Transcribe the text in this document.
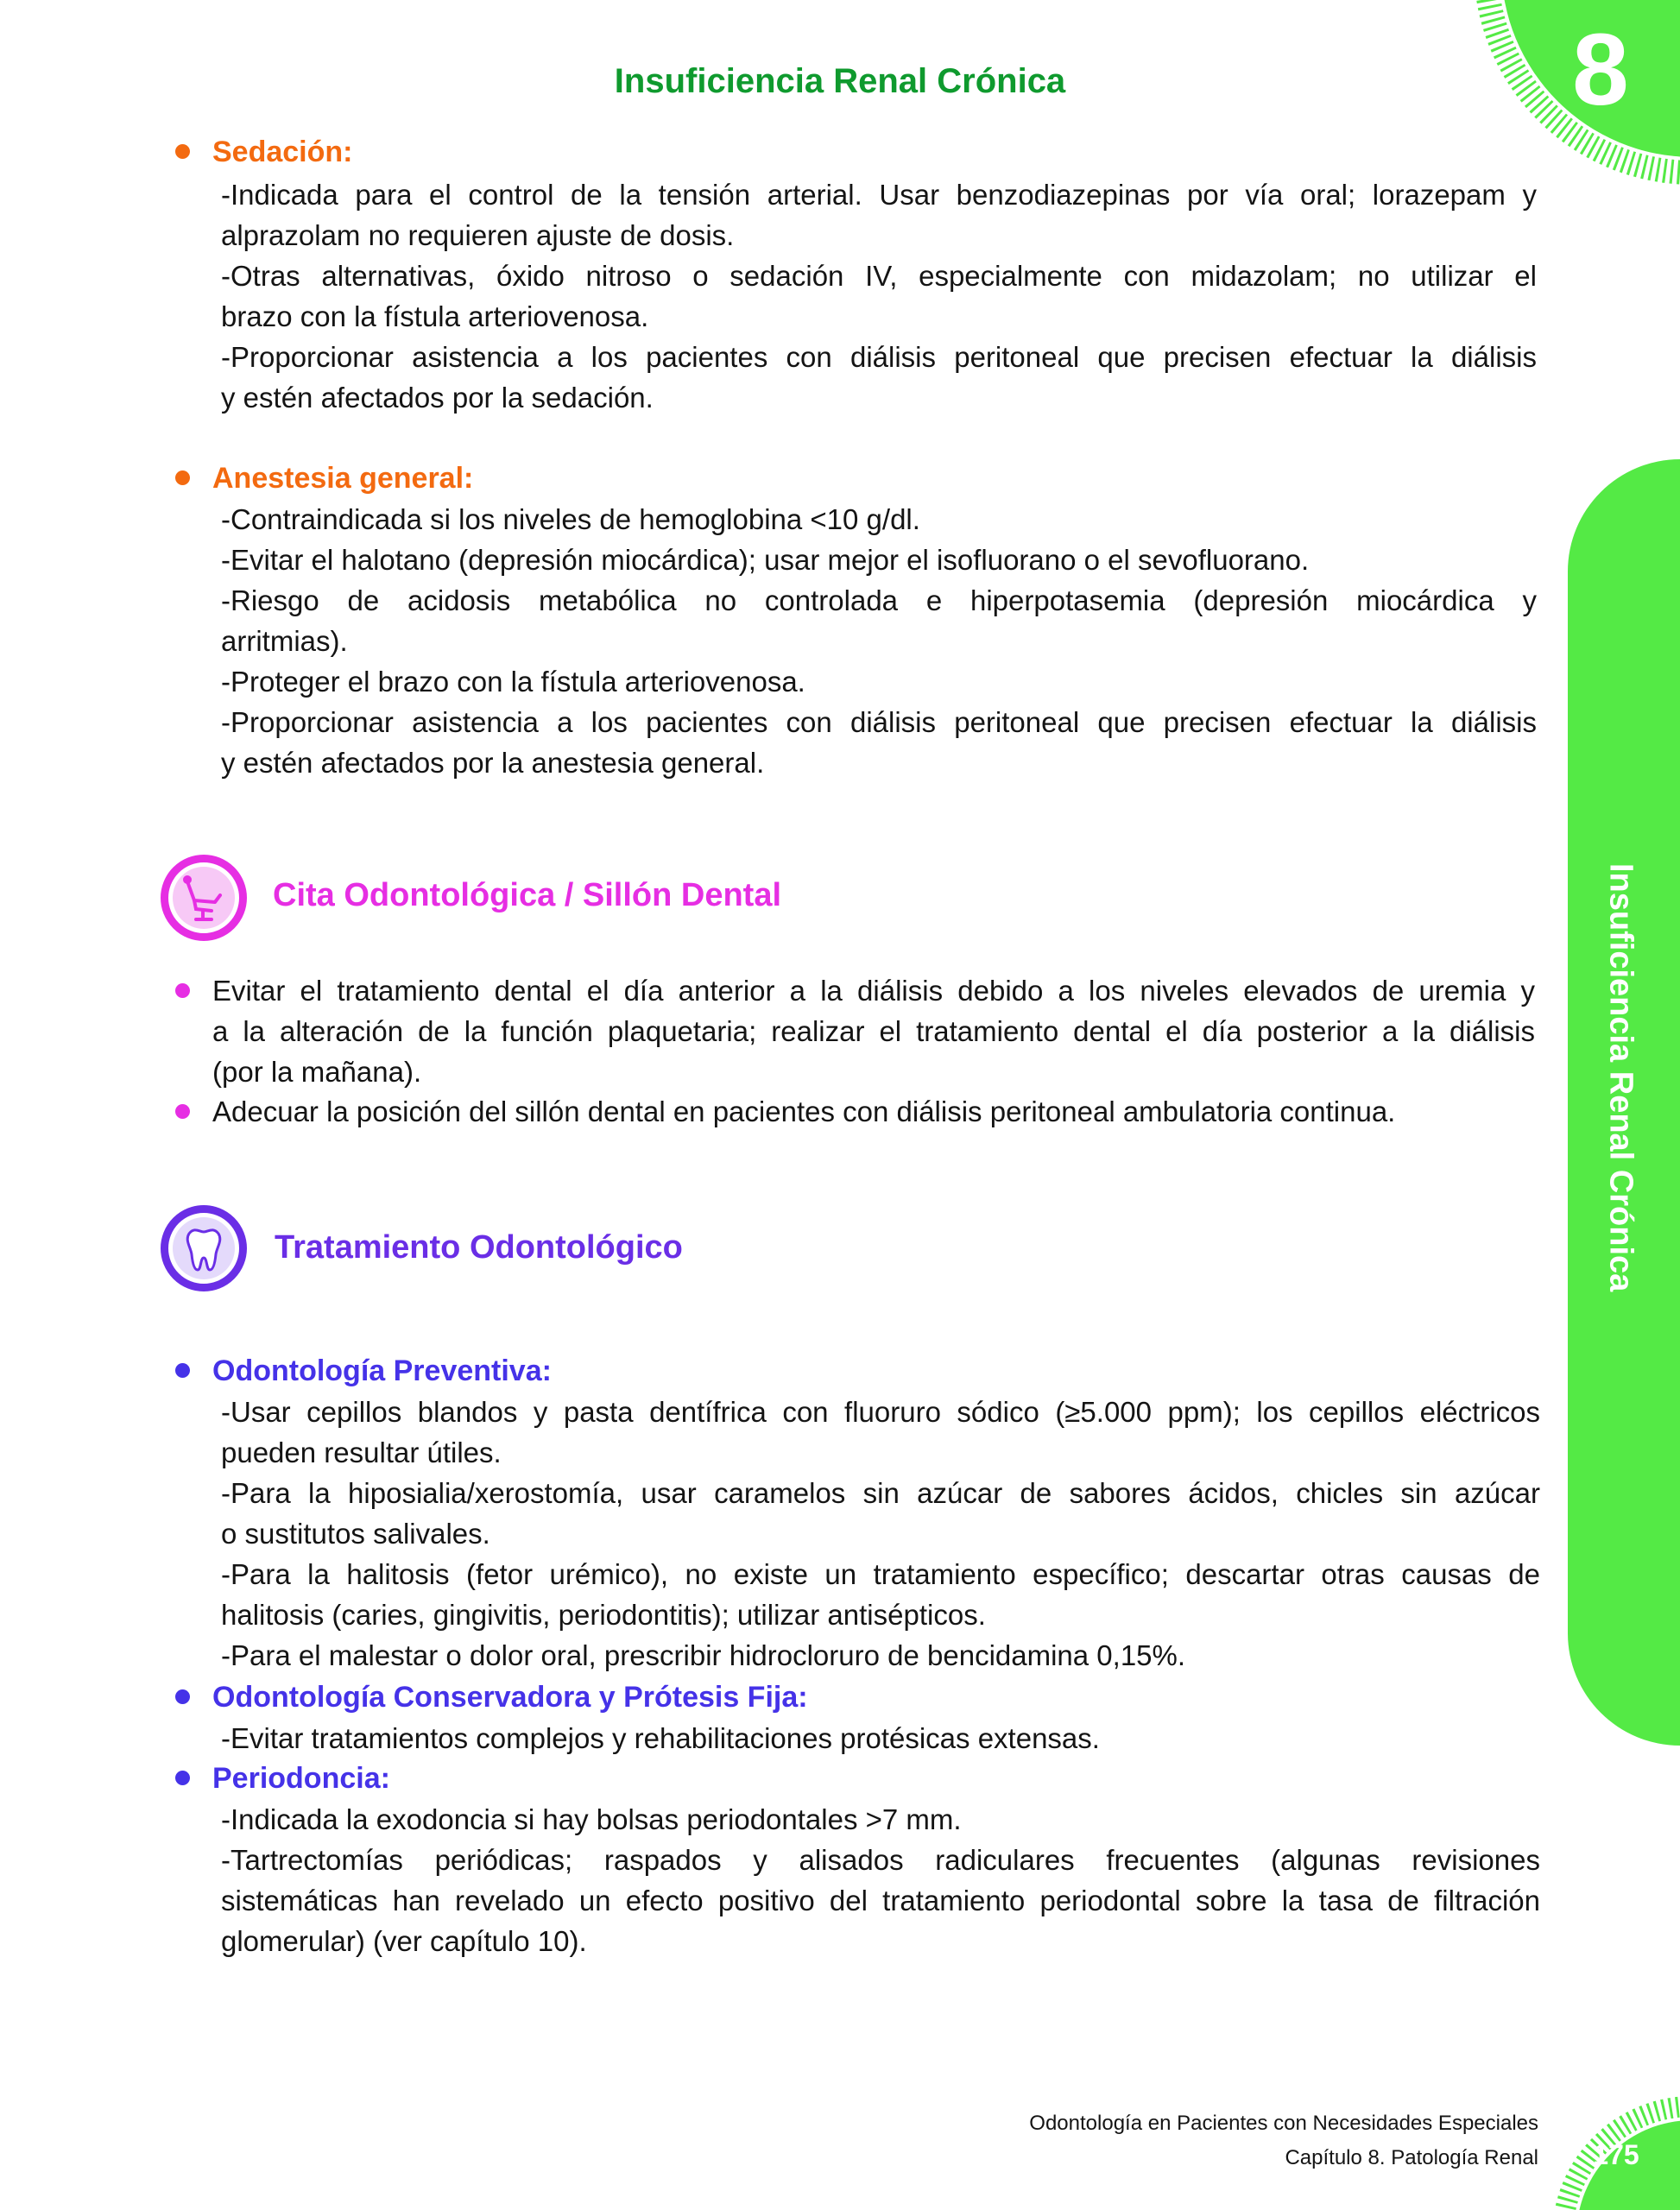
8
Insuficiencia Renal Crónica
Insuficiencia Renal Crónica
Sedación:
-Indicada para el control de la tensión arterial. Usar benzodiazepinas por vía oral; lorazepam y
alprazolam no requieren ajuste de dosis.
-Otras alternativas, óxido nitroso o sedación IV, especialmente con midazolam; no utilizar el
brazo con la fístula arteriovenosa.
-Proporcionar asistencia a los pacientes con diálisis peritoneal que precisen efectuar la diálisis
y estén afectados por la sedación.
Anestesia general:
-Contraindicada si los niveles de hemoglobina <10 g/dl.
-Evitar el halotano (depresión miocárdica); usar mejor el isofluorano o el sevofluorano.
-Riesgo de acidosis metabólica no controlada e hiperpotasemia (depresión miocárdica y
arritmias).
-Proteger el brazo con la fístula arteriovenosa.
-Proporcionar asistencia a los pacientes con diálisis peritoneal que precisen efectuar la diálisis
y estén afectados por la anestesia general.
Cita Odontológica / Sillón Dental
Evitar el tratamiento dental el día anterior a la diálisis debido a los niveles elevados de uremia y
a la alteración de la función plaquetaria; realizar el tratamiento dental el día posterior a la diálisis
(por la mañana).
Adecuar la posición del sillón dental en pacientes con diálisis peritoneal ambulatoria continua.
Tratamiento Odontológico
Odontología Preventiva:
-Usar cepillos blandos y pasta dentífrica con fluoruro sódico (≥5.000 ppm); los cepillos eléctricos
pueden resultar útiles.
-Para la hiposialia/xerostomía, usar caramelos sin azúcar de sabores ácidos, chicles sin azúcar
o sustitutos salivales.
-Para la halitosis (fetor urémico), no existe un tratamiento específico; descartar otras causas de
halitosis (caries, gingivitis, periodontitis); utilizar antisépticos.
-Para el malestar o dolor oral, prescribir hidrocloruro de bencidamina 0,15%.
Odontología Conservadora y Prótesis Fija:
-Evitar tratamientos complejos y rehabilitaciones protésicas extensas.
Periodoncia:
-Indicada la exodoncia si hay bolsas periodontales >7 mm.
-Tartrectomías periódicas; raspados y alisados radiculares frecuentes (algunas revisiones
sistemáticas han revelado un efecto positivo del tratamiento periodontal sobre la tasa de filtración
glomerular) (ver capítulo 10).
Odontología en Pacientes con Necesidades Especiales
Capítulo 8. Patología Renal	175
